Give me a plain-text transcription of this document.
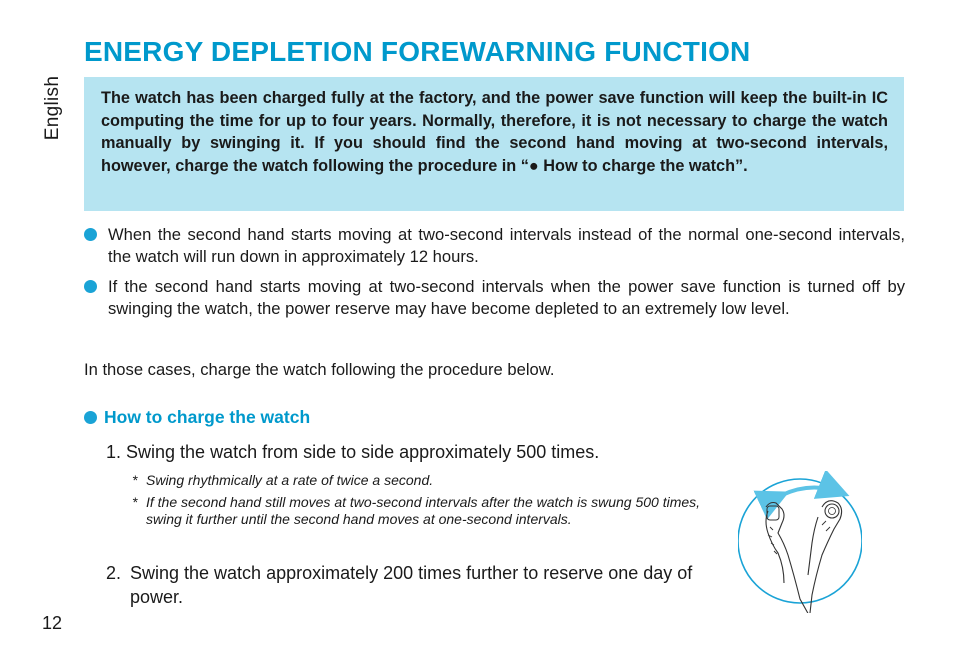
English
ENERGY DEPLETION FOREWARNING FUNCTION
The watch has been charged fully at the factory, and the power save function will keep the built-in IC computing the time for up to four years. Normally, therefore, it is not necessary to charge the watch manually by swinging it. If you should find the second hand moving at two-second intervals, however, charge the watch following the procedure in “● How to charge the watch”.
When the second hand starts moving at two-second intervals instead of the normal one-second intervals, the watch will run down in approximately 12 hours.
If the second hand starts moving at two-second intervals when the power save function is turned off by swinging the watch, the power reserve may have become depleted to an extremely low level.
In those cases, charge the watch following the procedure below.
How to charge the watch
1. Swing the watch from side to side approximately 500 times.
* Swing rhythmically at a rate of twice a second.
* If the second hand still moves at two-second intervals after the watch is swung 500 times, swing it further until the second hand moves at one-second intervals.
2. Swing the watch approximately 200 times further to reserve one day of power.
12
